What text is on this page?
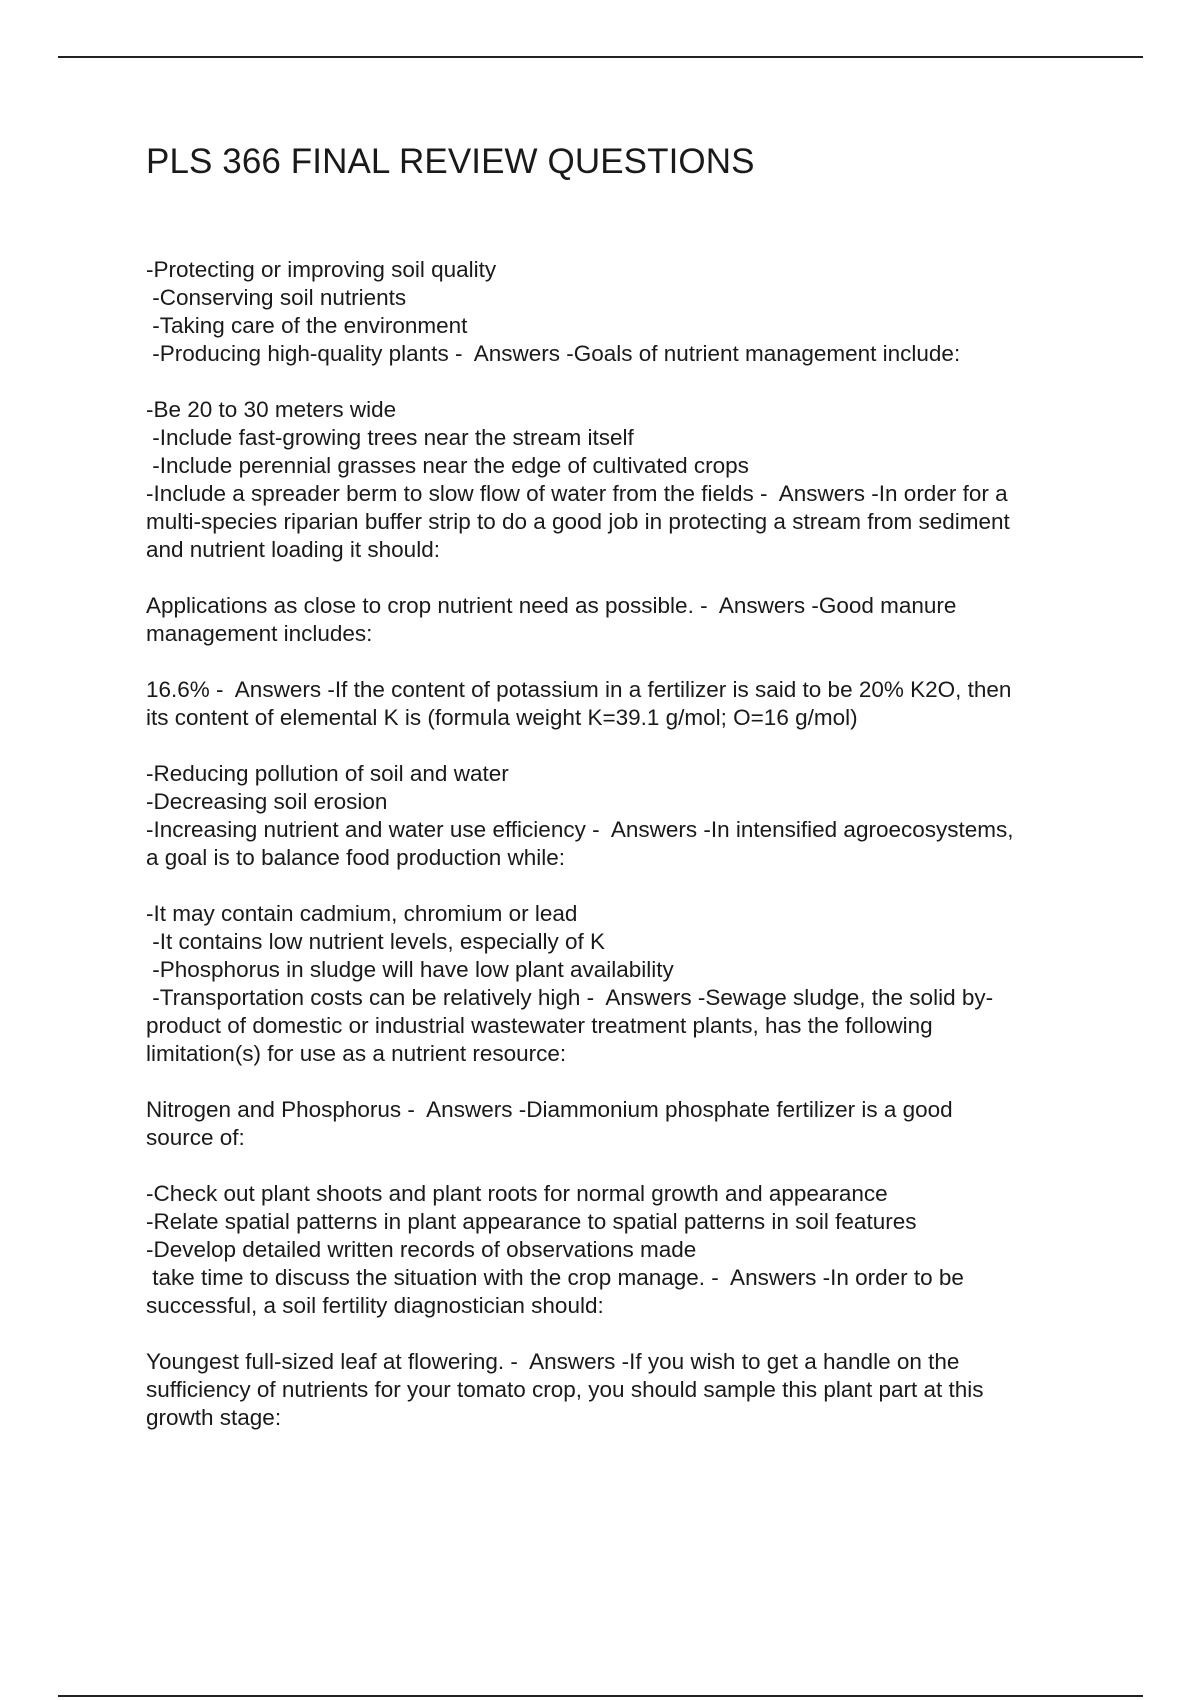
PLS 366 FINAL REVIEW QUESTIONS

-Protecting or improving soil quality

-Conserving soil nutrients

-Taking care of the environment

-Producing high-quality plants -  Answers -Goals of nutrient management include:

-Be 20 to 30 meters wide

-Include fast-growing trees near the stream itself

-Include perennial grasses near the edge of cultivated crops

-Include a spreader berm to slow flow of water from the fields -  Answers -In order for a

multi-species riparian buffer strip to do a good job in protecting a stream from sediment

and nutrient loading it should:

Applications as close to crop nutrient need as possible. -  Answers -Good manure

management includes:

16.6% -  Answers -If the content of potassium in a fertilizer is said to be 20% K2O, then

its content of elemental K is (formula weight K=39.1 g/mol; O=16 g/mol)

-Reducing pollution of soil and water

-Decreasing soil erosion

-Increasing nutrient and water use efficiency -  Answers -In intensified agroecosystems,

a goal is to balance food production while:

-It may contain cadmium, chromium or lead

-It contains low nutrient levels, especially of K

-Phosphorus in sludge will have low plant availability

-Transportation costs can be relatively high -  Answers -Sewage sludge, the solid by-

product of domestic or industrial wastewater treatment plants, has the following

limitation(s) for use as a nutrient resource:

Nitrogen and Phosphorus -  Answers -Diammonium phosphate fertilizer is a good

source of:

-Check out plant shoots and plant roots for normal growth and appearance

-Relate spatial patterns in plant appearance to spatial patterns in soil features

-Develop detailed written records of observations made

take time to discuss the situation with the crop manage. -  Answers -In order to be

successful, a soil fertility diagnostician should:

Youngest full-sized leaf at flowering. -  Answers -If you wish to get a handle on the

sufficiency of nutrients for your tomato crop, you should sample this plant part at this

growth stage:
